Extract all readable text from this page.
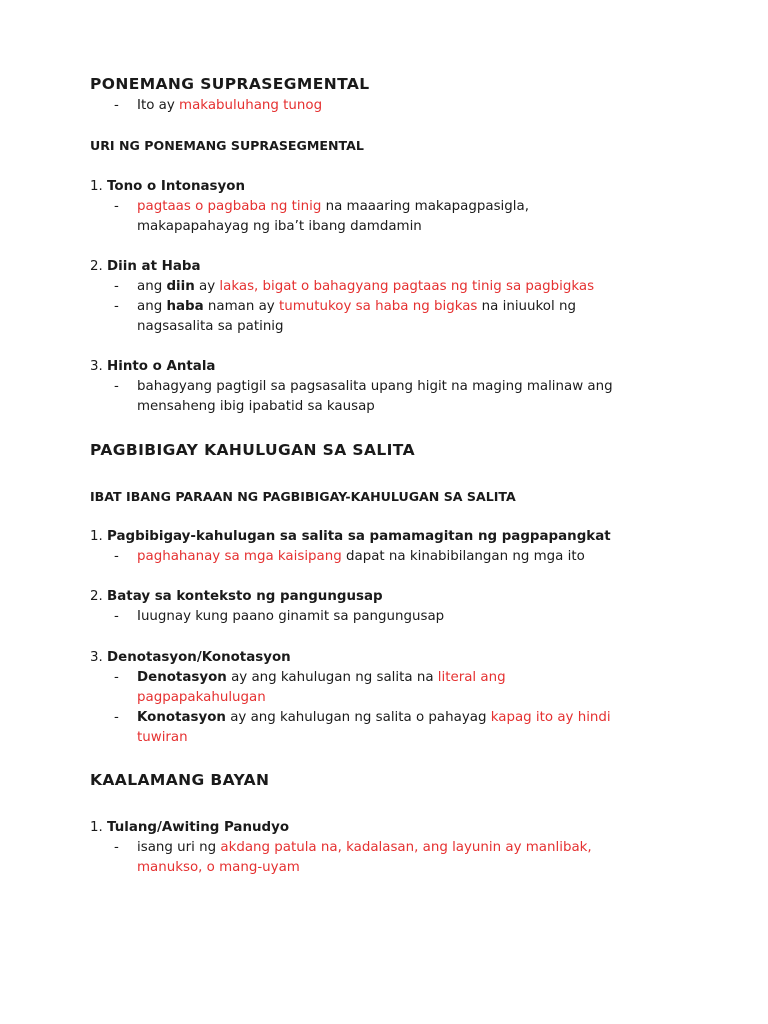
PONEMANG SUPRASEGMENTAL
- Ito ay makabuluhang tunog
URI NG PONEMANG SUPRASEGMENTAL
1. Tono o Intonasyon
- pagtaas o pagbaba ng tinig na maaaring makapagpasigla,
makapapahayag ng iba’t ibang damdamin
2. Diin at Haba
- ang diin ay lakas, bigat o bahagyang pagtaas ng tinig sa pagbigkas
- ang haba naman ay tumutukoy sa haba ng bigkas na iniuukol ng
nagsasalita sa patinig
3. Hinto o Antala
- bahagyang pagtigil sa pagsasalita upang higit na maging malinaw ang
mensaheng ibig ipabatid sa kausap
PAGBIBIGAY KAHULUGAN SA SALITA
IBAT IBANG PARAAN NG PAGBIBIGAY-KAHULUGAN SA SALITA
1. Pagbibigay-kahulugan sa salita sa pamamagitan ng pagpapangkat
- paghahanay sa mga kaisipang dapat na kinabibilangan ng mga ito
2. Batay sa konteksto ng pangungusap
- Iuugnay kung paano ginamit sa pangungusap
3. Denotasyon/Konotasyon
- Denotasyon ay ang kahulugan ng salita na literal ang
pagpapakahulugan
- Konotasyon ay ang kahulugan ng salita o pahayag kapag ito ay hindi
tuwiran
KAALAMANG BAYAN
1. Tulang/Awiting Panudyo
- isang uri ng akdang patula na, kadalasan, ang layunin ay manlibak,
manukso, o mang-uyam
